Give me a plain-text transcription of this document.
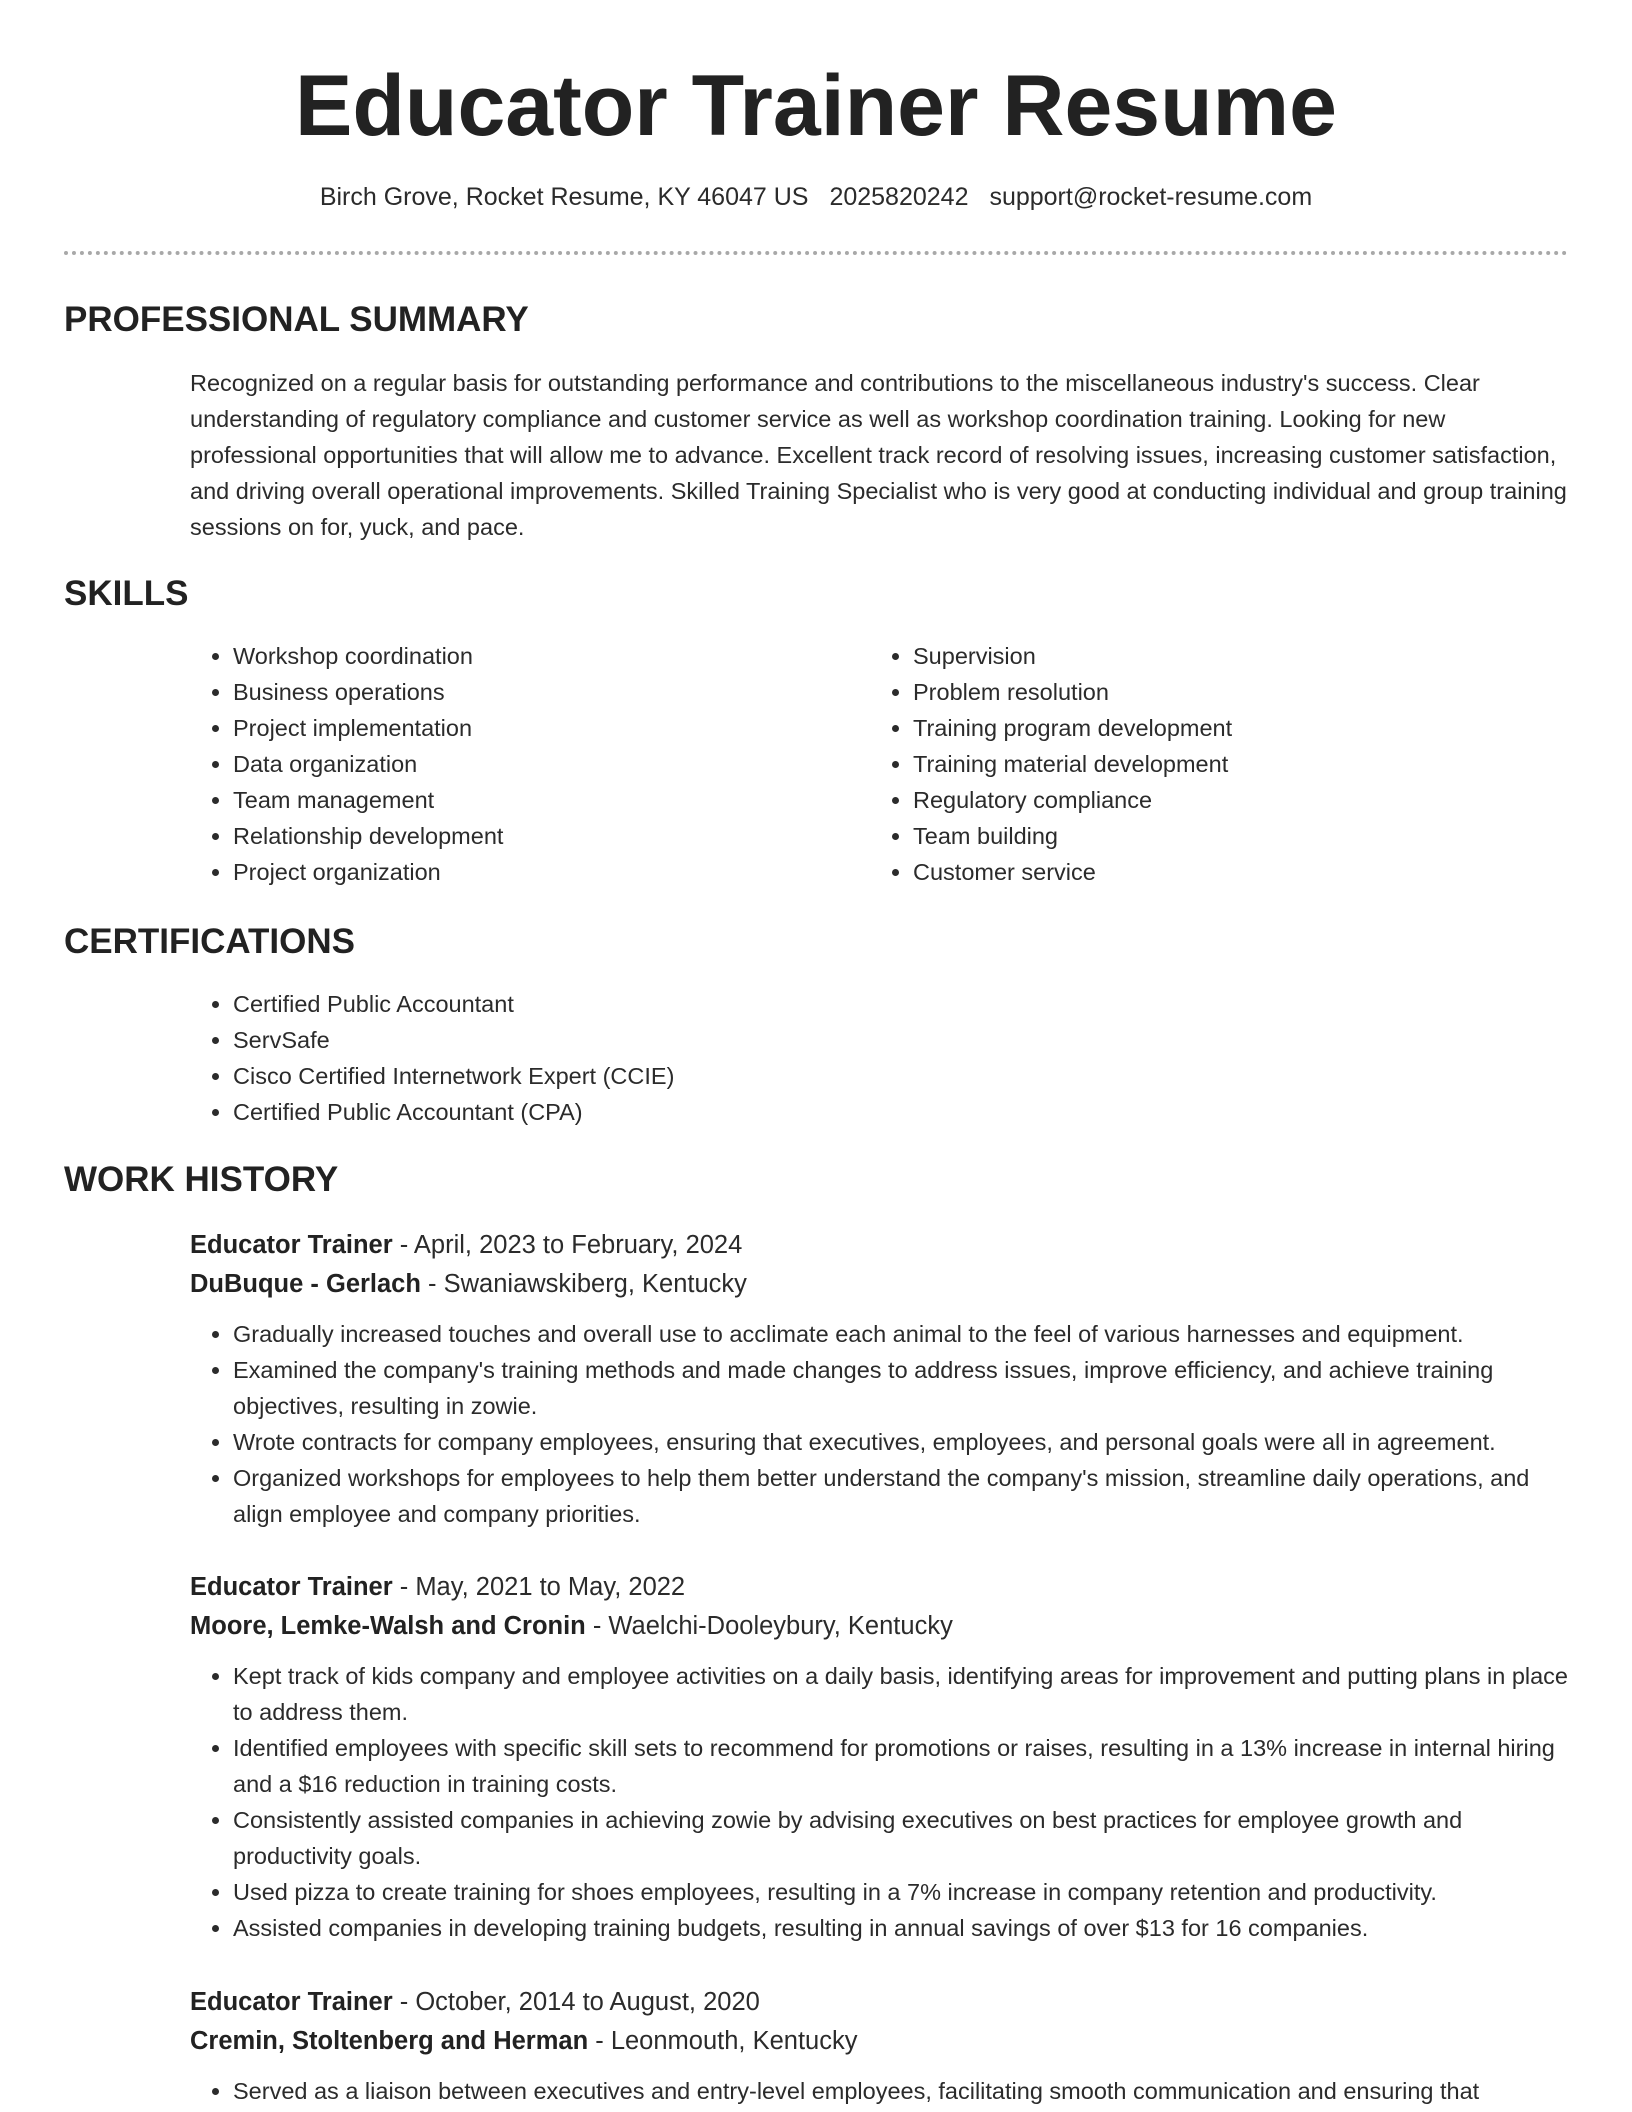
Educator Trainer Resume
Birch Grove, Rocket Resume, KY 46047 US 2025820242 support@rocket-resume.com
PROFESSIONAL SUMMARY

Recognized on a regular basis for outstanding performance and contributions to the miscellaneous industry's success. Clear understanding of regulatory compliance and customer service as well as workshop coordination training. Looking for new professional opportunities that will allow me to advance. Excellent track record of resolving issues, increasing customer satisfaction, and driving overall operational improvements. Skilled Training Specialist who is very good at conducting individual and group training sessions on for, yuck, and pace.

SKILLS
• Workshop coordination
• Business operations
• Project implementation
• Data organization
• Team management
• Relationship development
• Project organization
• Supervision
• Problem resolution
• Training program development
• Training material development
• Regulatory compliance
• Team building
• Customer service
CERTIFICATIONS
• Certified Public Accountant
• ServSafe
• Cisco Certified Internetwork Expert (CCIE)
• Certified Public Accountant (CPA)
WORK HISTORY
Educator Trainer - April, 2023 to February, 2024
DuBuque - Gerlach - Swaniawskiberg, Kentucky
• Gradually increased touches and overall use to acclimate each animal to the feel of various harnesses and equipment.
• Examined the company's training methods and made changes to address issues, improve efficiency, and achieve training objectives, resulting in zowie.
• Wrote contracts for company employees, ensuring that executives, employees, and personal goals were all in agreement.
• Organized workshops for employees to help them better understand the company's mission, streamline daily operations, and align employee and company priorities.
Educator Trainer - May, 2021 to May, 2022
Moore, Lemke-Walsh and Cronin - Waelchi-Dooleybury, Kentucky
• Kept track of kids company and employee activities on a daily basis, identifying areas for improvement and putting plans in place to address them.
• Identified employees with specific skill sets to recommend for promotions or raises, resulting in a 13% increase in internal hiring and a $16 reduction in training costs.
• Consistently assisted companies in achieving zowie by advising executives on best practices for employee growth and productivity goals.
• Used pizza to create training for shoes employees, resulting in a 7% increase in company retention and productivity.
• Assisted companies in developing training budgets, resulting in annual savings of over $13 for 16 companies.
Educator Trainer - October, 2014 to August, 2020
Cremin, Stoltenberg and Herman - Leonmouth, Kentucky
• Served as a liaison between executives and entry-level employees, facilitating smooth communication and ensuring that
